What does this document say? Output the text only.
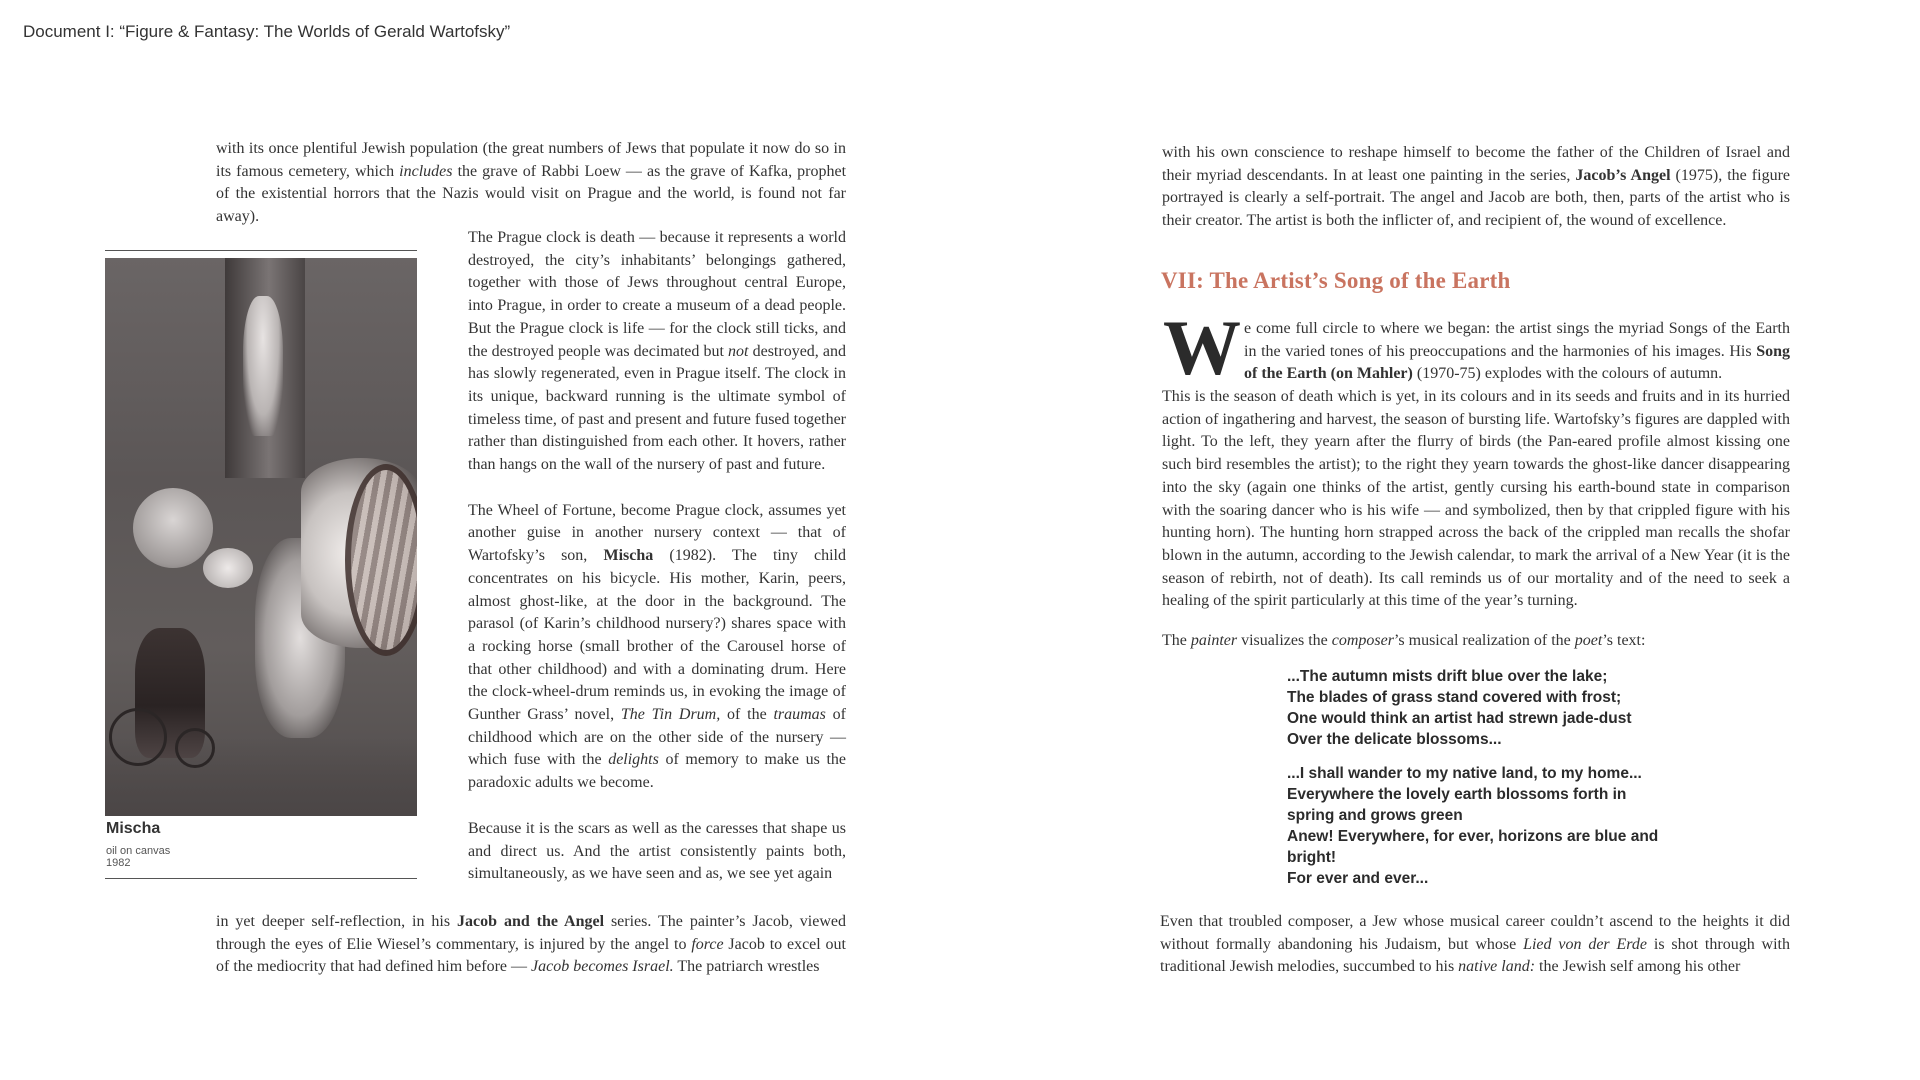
Document I: “Figure & Fantasy: The Worlds of Gerald Wartofsky”

with its once plentiful Jewish population (the great numbers of Jews that populate it now do so in its famous cemetery, which includes the grave of Rabbi Loew — as the grave of Kafka, prophet of the existential horrors that the Nazis would visit on Prague and the world, is found not far away).

Mischa
oil on canvas
1982

The Prague clock is death — because it represents a world destroyed, the city’s inhabitants’ belongings gathered, together with those of Jews throughout central Europe, into Prague, in order to create a museum of a dead people. But the Prague clock is life — for the clock still ticks, and the destroyed people was decimated but not destroyed, and has slowly regenerated, even in Prague itself. The clock in its unique, backward running is the ultimate symbol of timeless time, of past and present and future fused together rather than distinguished from each other. It hovers, rather than hangs on the wall of the nursery of past and future.

The Wheel of Fortune, become Prague clock, assumes yet another guise in another nursery context — that of Wartofsky’s son, Mischa (1982). The tiny child concentrates on his bicycle. His mother, Karin, peers, almost ghost-like, at the door in the background. The parasol (of Karin’s childhood nursery?) shares space with a rocking horse (small brother of the Carousel horse of that other childhood) and with a dominating drum. Here the clock-wheel-drum reminds us, in evoking the image of Gunther Grass’ novel, The Tin Drum, of the traumas of childhood which are on the other side of the nursery — which fuse with the delights of memory to make us the paradoxic adults we become.

Because it is the scars as well as the caresses that shape us and direct us. And the artist consistently paints both, simultaneously, as we have seen and as, we see yet again

in yet deeper self-reflection, in his Jacob and the Angel series. The painter’s Jacob, viewed through the eyes of Elie Wiesel’s commentary, is injured by the angel to force Jacob to excel out of the mediocrity that had defined him before — Jacob becomes Israel. The patriarch wrestles

with his own conscience to reshape himself to become the father of the Children of Israel and their myriad descendants. In at least one painting in the series, Jacob’s Angel (1975), the figure portrayed is clearly a self-portrait. The angel and Jacob are both, then, parts of the artist who is their creator. The artist is both the inflicter of, and recipient of, the wound of excellence.

VII: The Artist’s Song of the Earth
W e come full circle to where we began: the artist sings the myriad Songs of the Earth in the varied tones of his preoccupations and the harmonies of his images. His Song of the Earth (on Mahler) (1970-75) explodes with the colours of autumn.

This is the season of death which is yet, in its colours and in its seeds and fruits and in its hurried action of ingathering and harvest, the season of bursting life. Wartofsky’s figures are dappled with light. To the left, they yearn after the flurry of birds (the Pan-eared profile almost kissing one such bird resembles the artist); to the right they yearn towards the ghost-like dancer disappearing into the sky (again one thinks of the artist, gently cursing his earth-bound state in comparison with the soaring dancer who is his wife — and symbolized, then by that crippled figure with his hunting horn). The hunting horn strapped across the back of the crippled man recalls the shofar blown in the autumn, according to the Jewish calendar, to mark the arrival of a New Year (it is the season of rebirth, not of death). Its call reminds us of our mortality and of the need to seek a healing of the spirit particularly at this time of the year’s turning.

The painter visualizes the composer’s musical realization of the poet’s text:

...The autumn mists drift blue over the lake;
The blades of grass stand covered with frost;
One would think an artist had strewn jade-dust
Over the delicate blossoms...
...I shall wander to my native land, to my home...
Everywhere the lovely earth blossoms forth in
spring and grows green
Anew! Everywhere, for ever, horizons are blue and
bright!
For ever and ever...

Even that troubled composer, a Jew whose musical career couldn’t ascend to the heights it did without formally abandoning his Judaism, but whose Lied von der Erde is shot through with traditional Jewish melodies, succumbed to his native land: the Jewish self among his other
